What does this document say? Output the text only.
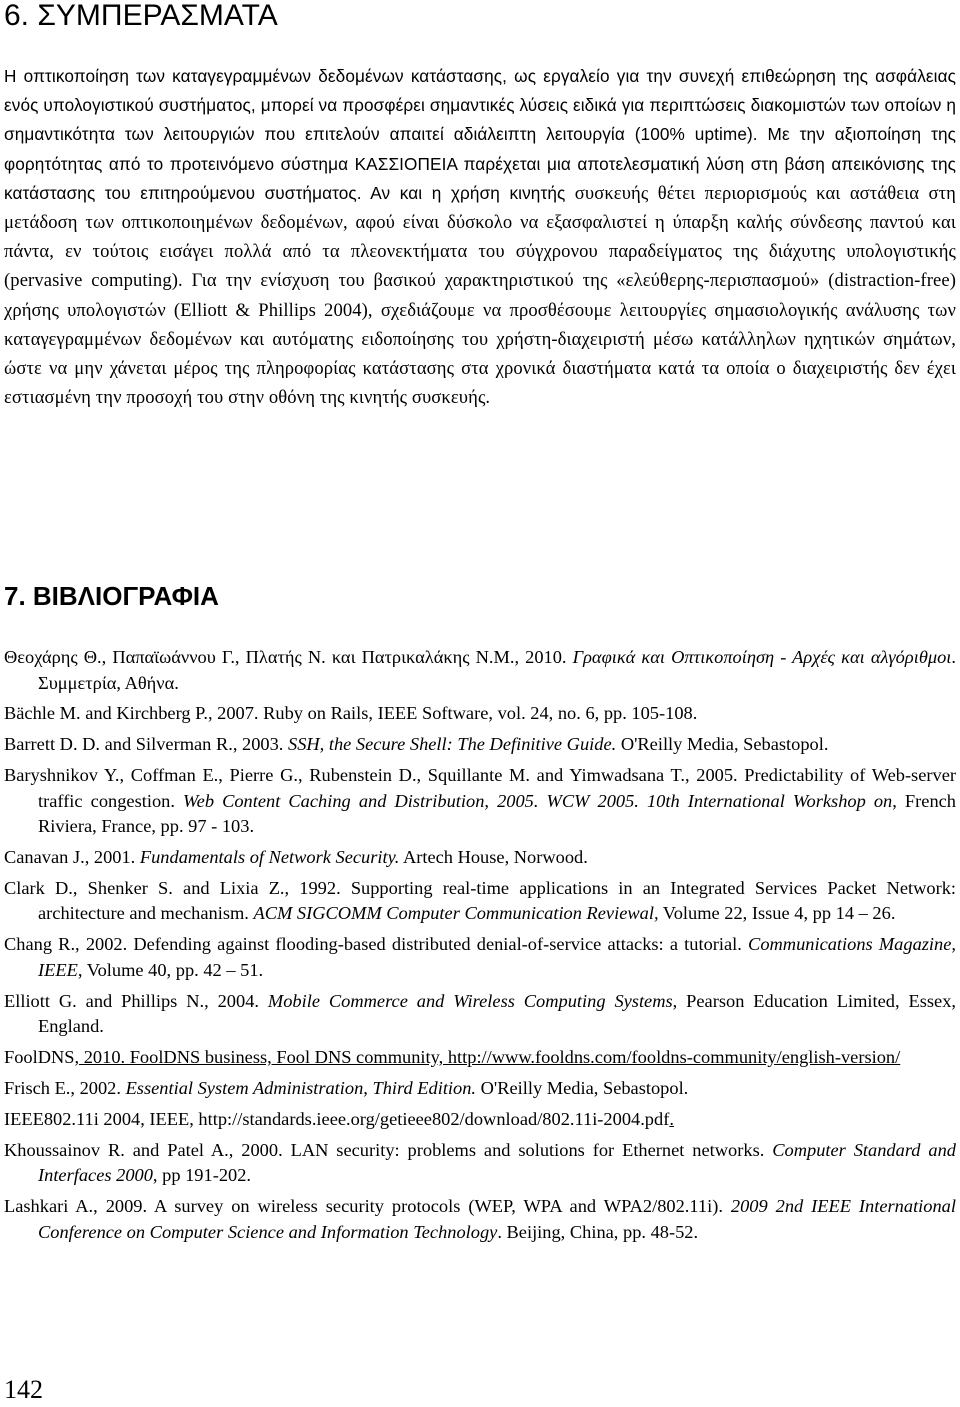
6. ΣΥΜΠΕΡΑΣΜΑΤΑ

Η οπτικοποίηση των καταγεγραμμένων δεδομένων κατάστασης, ως εργαλείο για την συνεχή επιθεώρηση της ασφάλειας ενός υπολογιστικού συστήματος, μπορεί να προσφέρει σημαντικές λύσεις ειδικά για περιπτώσεις διακομιστών των οποίων η σημαντικότητα των λειτουργιών που επιτελούν απαιτεί αδιάλειπτη λειτουργία (100% uptime). Με την αξιοποίηση της φορητότητας από το προτεινόμενο σύστημα ΚΑΣΣΙΟΠΕΙΑ παρέχεται μια αποτελεσματική λύση στη βάση απεικόνισης της κατάστασης του επιτηρούμενου συστήματος. Αν και η χρήση κινητής συσκευής θέτει περιορισμούς και αστάθεια στη μετάδοση των οπτικοποιημένων δεδομένων, αφού είναι δύσκολο να εξασφαλιστεί η ύπαρξη καλής σύνδεσης παντού και πάντα, εν τούτοις εισάγει πολλά από τα πλεονεκτήματα του σύγχρονου παραδείγματος της διάχυτης υπολογιστικής (pervasive computing). Για την ενίσχυση του βασικού χαρακτηριστικού της «ελεύθερης-περισπασμού» (distraction-free) χρήσης υπολογιστών (Elliott & Phillips 2004), σχεδιάζουμε να προσθέσουμε λειτουργίες σημασιολογικής ανάλυσης των καταγεγραμμένων δεδομένων και αυτόματης ειδοποίησης του χρήστη-διαχειριστή μέσω κατάλληλων ηχητικών σημάτων, ώστε να μην χάνεται μέρος της πληροφορίας κατάστασης στα χρονικά διαστήματα κατά τα οποία ο διαχειριστής δεν έχει εστιασμένη την προσοχή του στην οθόνη της κινητής συσκευής.

7. ΒΙΒΛΙΟΓΡΑΦΙΑ
Θεοχάρης Θ., Παπαϊωάννου Γ., Πλατής Ν. και Πατρικαλάκης Ν.Μ., 2010. Γραφικά και Οπτικοποίηση - Αρχές και αλγόριθμοι. Συμμετρία, Αθήνα.
Bächle M. and Kirchberg P., 2007. Ruby on Rails, IEEE Software, vol. 24, no. 6, pp. 105-108.
Barrett D. D. and Silverman R., 2003. SSH, the Secure Shell: The Definitive Guide. O'Reilly Media, Sebastopol.
Baryshnikov Y., Coffman E., Pierre G., Rubenstein D., Squillante M. and Yimwadsana T., 2005. Predictability of Web-server traffic congestion. Web Content Caching and Distribution, 2005. WCW 2005. 10th International Workshop on, French Riviera, France, pp. 97 - 103.
Canavan J., 2001. Fundamentals of Network Security. Artech House, Norwood.
Clark D., Shenker S. and Lixia Z., 1992. Supporting real-time applications in an Integrated Services Packet Network: architecture and mechanism. ACM SIGCOMM Computer Communication Reviewal, Volume 22, Issue 4, pp 14 – 26.
Chang R., 2002. Defending against flooding-based distributed denial-of-service attacks: a tutorial. Communications Magazine, IEEE, Volume 40, pp. 42 – 51.
Elliott G. and Phillips N., 2004. Mobile Commerce and Wireless Computing Systems, Pearson Education Limited, Essex, England.
FoolDNS, 2010. FoolDNS business, Fool DNS community, http://www.fooldns.com/fooldns-community/english-version/
Frisch E., 2002. Essential System Administration, Third Edition. O'Reilly Media, Sebastopol.
IEEE802.11i 2004, IEEE, http://standards.ieee.org/getieee802/download/802.11i-2004.pdf.
Khoussainov R. and Patel A., 2000. LAN security: problems and solutions for Ethernet networks. Computer Standard and Interfaces 2000, pp 191-202.
Lashkari A., 2009. A survey on wireless security protocols (WEP, WPA and WPA2/802.11i). 2009 2nd IEEE International Conference on Computer Science and Information Technology. Beijing, China, pp. 48-52.
142
